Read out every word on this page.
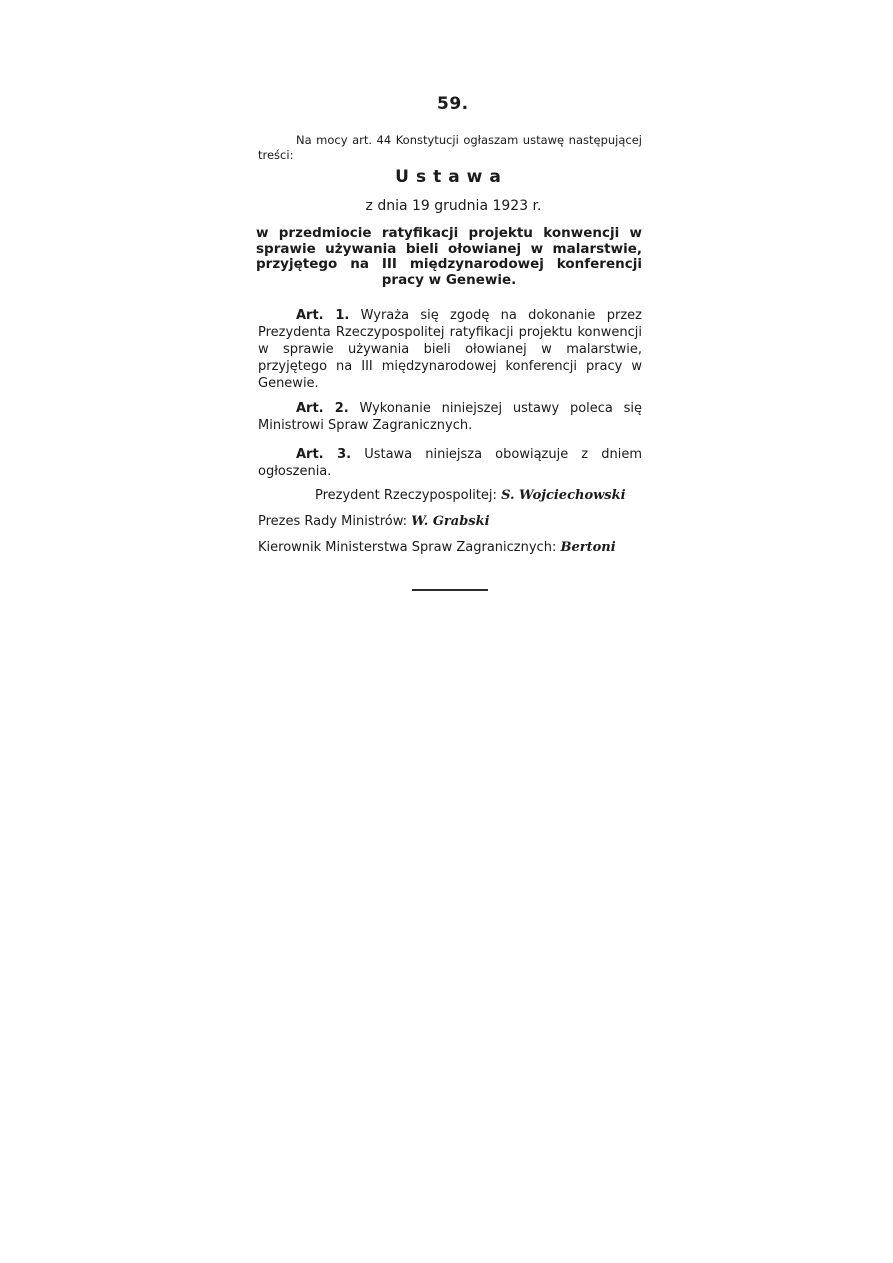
59.
Na mocy art. 44 Konstytucji ogłaszam ustawę następującej treści:
Ustawa
z dnia 19 grudnia 1923 r.
w przedmiocie ratyfikacji projektu konwencji w sprawie używania bieli ołowianej w malarstwie, przyjętego na III międzynarodowej konferencji pracy w Genewie.
Art. 1. Wyraża się zgodę na dokonanie przez Prezydenta Rzeczypospolitej ratyfikacji projektu konwencji w sprawie używania bieli ołowianej w malarstwie, przyjętego na III międzynarodowej konferencji pracy w Genewie.
Art. 2. Wykonanie niniejszej ustawy poleca się Ministrowi Spraw Zagranicznych.
Art. 3. Ustawa niniejsza obowiązuje z dniem ogłoszenia.
Prezydent Rzeczypospolitej: S. Wojciechowski
Prezes Rady Ministrów: W. Grabski
Kierownik Ministerstwa Spraw Zagranicznych: Bertoni
